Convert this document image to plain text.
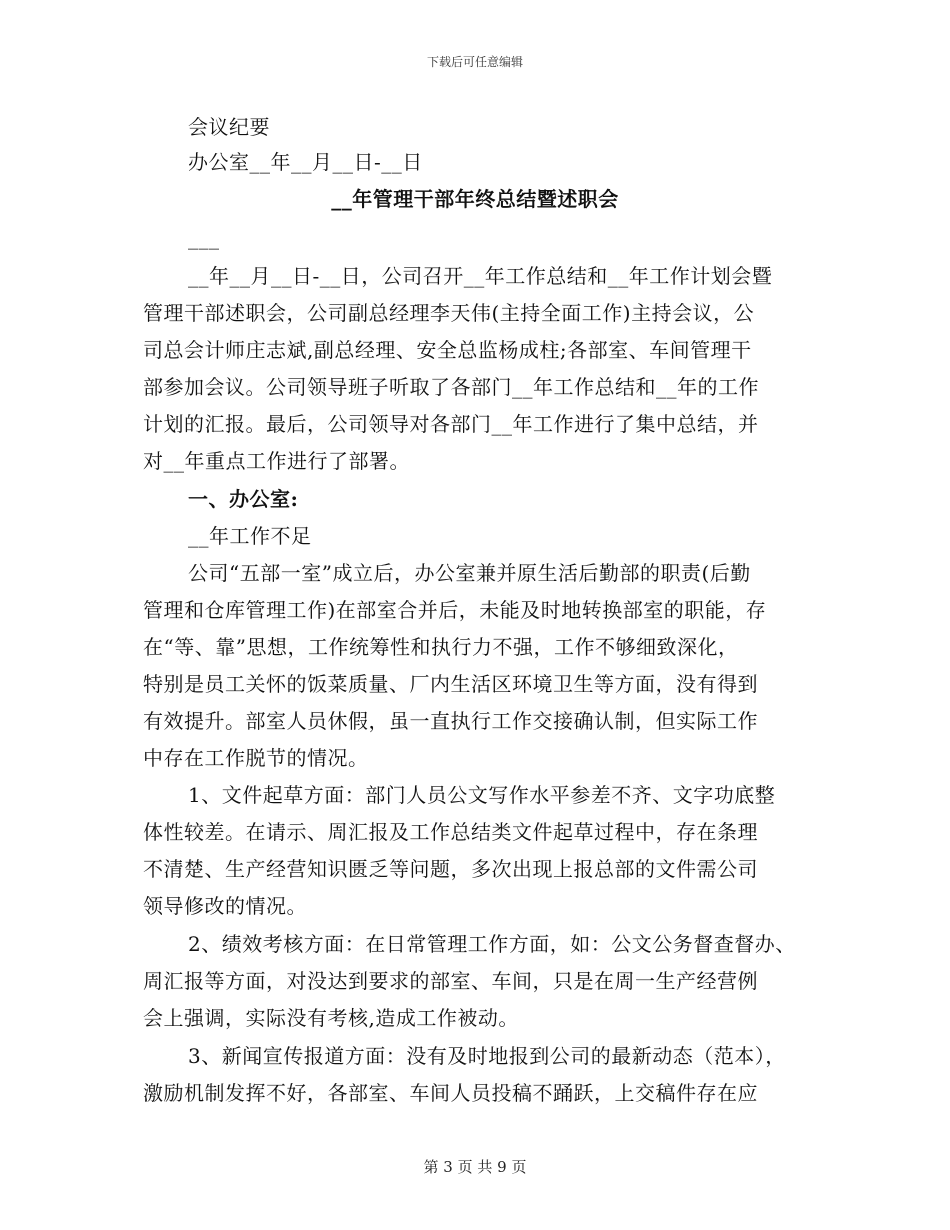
下载后可任意编辑
会议纪要
办公室__年__月__日-__日
__年管理干部年终总结暨述职会
___
__年__月__日-__日，公司召开__年工作总结和__年工作计划会暨
管理干部述职会，公司副总经理李天伟(主持全面工作)主持会议，公
司总会计师庄志斌,副总经理、安全总监杨成柱;各部室、车间管理干
部参加会议。公司领导班子听取了各部门__年工作总结和__年的工作
计划的汇报。最后，公司领导对各部门__年工作进行了集中总结，并
对__年重点工作进行了部署。
一、办公室:
__年工作不足
公司“五部一室”成立后，办公室兼并原生活后勤部的职责(后勤
管理和仓库管理工作)在部室合并后，未能及时地转换部室的职能，存
在“等、靠”思想，工作统筹性和执行力不强，工作不够细致深化，
特别是员工关怀的饭菜质量、厂内生活区环境卫生等方面，没有得到
有效提升。部室人员休假，虽一直执行工作交接确认制，但实际工作
中存在工作脱节的情况。
1、文件起草方面：部门人员公文写作水平参差不齐、文字功底整
体性较差。在请示、周汇报及工作总结类文件起草过程中，存在条理
不清楚、生产经营知识匮乏等问题，多次出现上报总部的文件需公司
领导修改的情况。
2、绩效考核方面：在日常管理工作方面，如：公文公务督查督办、
周汇报等方面，对没达到要求的部室、车间，只是在周一生产经营例
会上强调，实际没有考核,造成工作被动。
3、新闻宣传报道方面：没有及时地报到公司的最新动态（范本），
激励机制发挥不好，各部室、车间人员投稿不踊跃，上交稿件存在应
第 3 页 共 9 页
